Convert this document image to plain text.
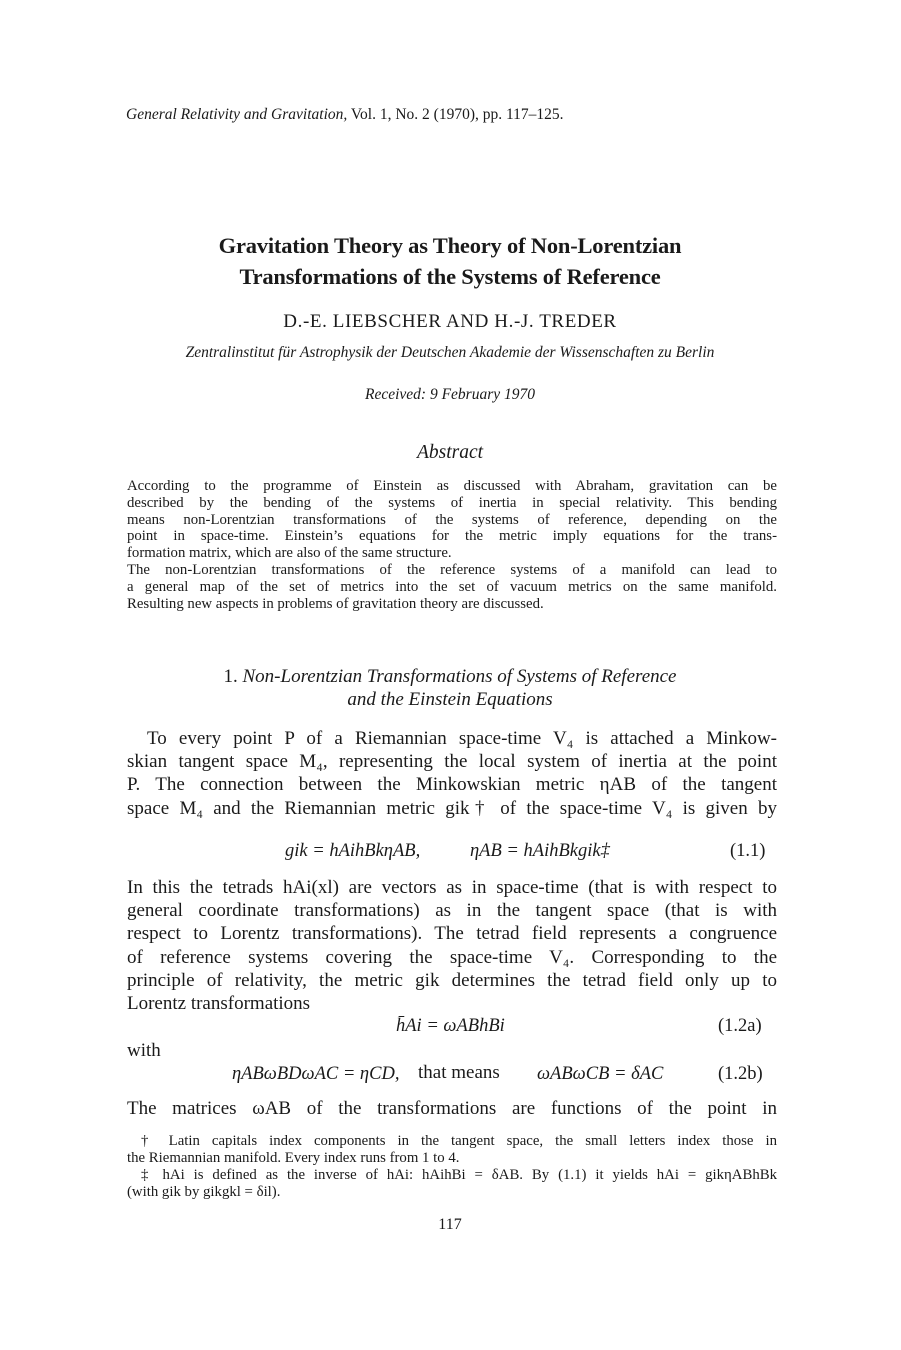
General Relativity and Gravitation, Vol. 1, No. 2 (1970), pp. 117–125.
Gravitation Theory as Theory of Non-Lorentzian
Transformations of the Systems of Reference
D.-E. LIEBSCHER AND H.-J. TREDER
Zentralinstitut für Astrophysik der Deutschen Akademie der Wissenschaften zu Berlin
Received: 9 February 1970
Abstract
According to the programme of Einstein as discussed with Abraham, gravitation can be
described by the bending of the systems of inertia in special relativity. This bending
means non-Lorentzian transformations of the systems of reference, depending on the
point in space-time. Einstein’s equations for the metric imply equations for the trans-
formation matrix, which are also of the same structure.
The non-Lorentzian transformations of the reference systems of a manifold can lead to
a general map of the set of metrics into the set of vacuum metrics on the same manifold.
Resulting new aspects in problems of gravitation theory are discussed.
1. Non-Lorentzian Transformations of Systems of Reference
and the Einstein Equations
To every point P of a Riemannian space-time V₄ is attached a Minkow-
skian tangent space M₄, representing the local system of inertia at the point
P. The connection between the Minkowskian metric ηAB of the tangent
space M₄ and the Riemannian metric gik† of the space-time V₄ is given by
gik = hAihBkηAB,	ηAB = hAihBkgik‡	(1.1)
In this the tetrads hAi(xl) are vectors as in space-time (that is with respect to
general coordinate transformations) as in the tangent space (that is with
respect to Lorentz transformations). The tetrad field represents a congruence
of reference systems covering the space-time V₄. Corresponding to the
principle of relativity, the metric gik determines the tetrad field only up to
Lorentz transformations
h̄Ai = ωABhBi	(1.2a)
with
ηABωBDωAC = ηCD, that means ωABωCB = δAC	(1.2b)
The matrices ωAB of the transformations are functions of the point in
† Latin capitals index components in the tangent space, the small letters index those in
the Riemannian manifold. Every index runs from 1 to 4.
‡ hAi is defined as the inverse of hAi: hAihBi = δAB. By (1.1) it yields hAi = gikηABhBk
(with gik by gikgkl = δil).
117
